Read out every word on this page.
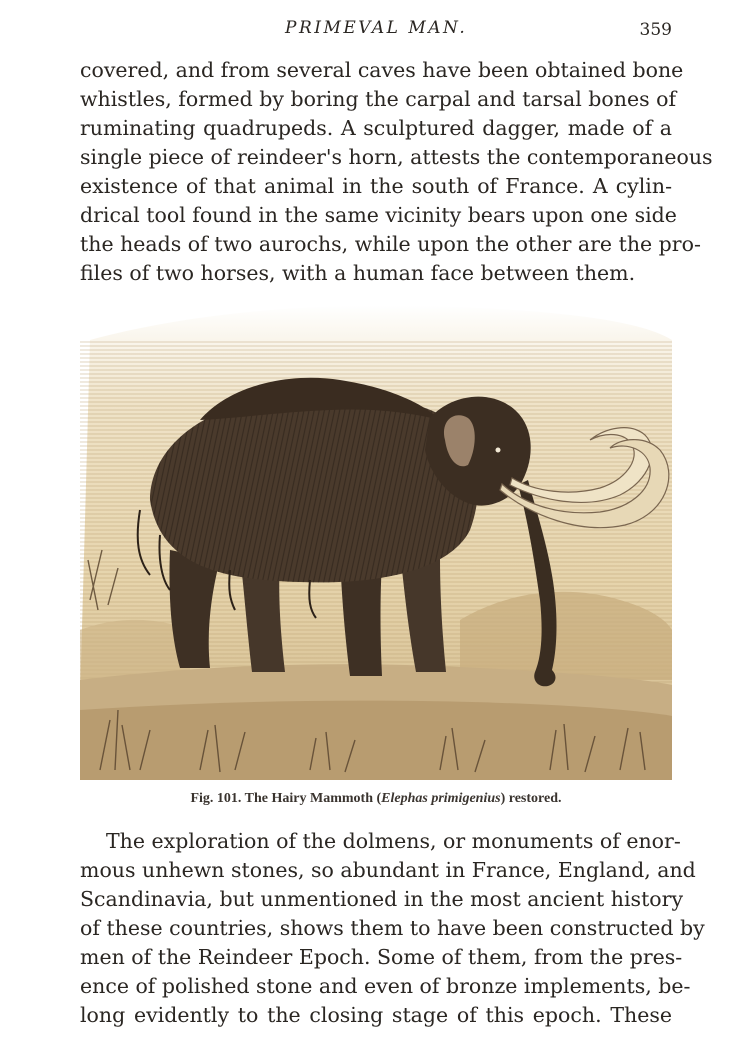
PRIMEVAL MAN.	359
covered, and from several caves have been obtained bone
whistles, formed by boring the carpal and tarsal bones of
ruminating quadrupeds. A sculptured dagger, made of a
single piece of reindeer's horn, attests the contemporaneous
existence of that animal in the south of France. A cylin-
drical tool found in the same vicinity bears upon one side
the heads of two aurochs, while upon the other are the pro-
files of two horses, with a human face between them.
Fig. 101. The Hairy Mammoth (Elephas primigenius) restored.
The exploration of the dolmens, or monuments of enor-
mous unhewn stones, so abundant in France, England, and
Scandinavia, but unmentioned in the most ancient history
of these countries, shows them to have been constructed by
men of the Reindeer Epoch. Some of them, from the pres-
ence of polished stone and even of bronze implements, be-
long evidently to the closing stage of this epoch. These
